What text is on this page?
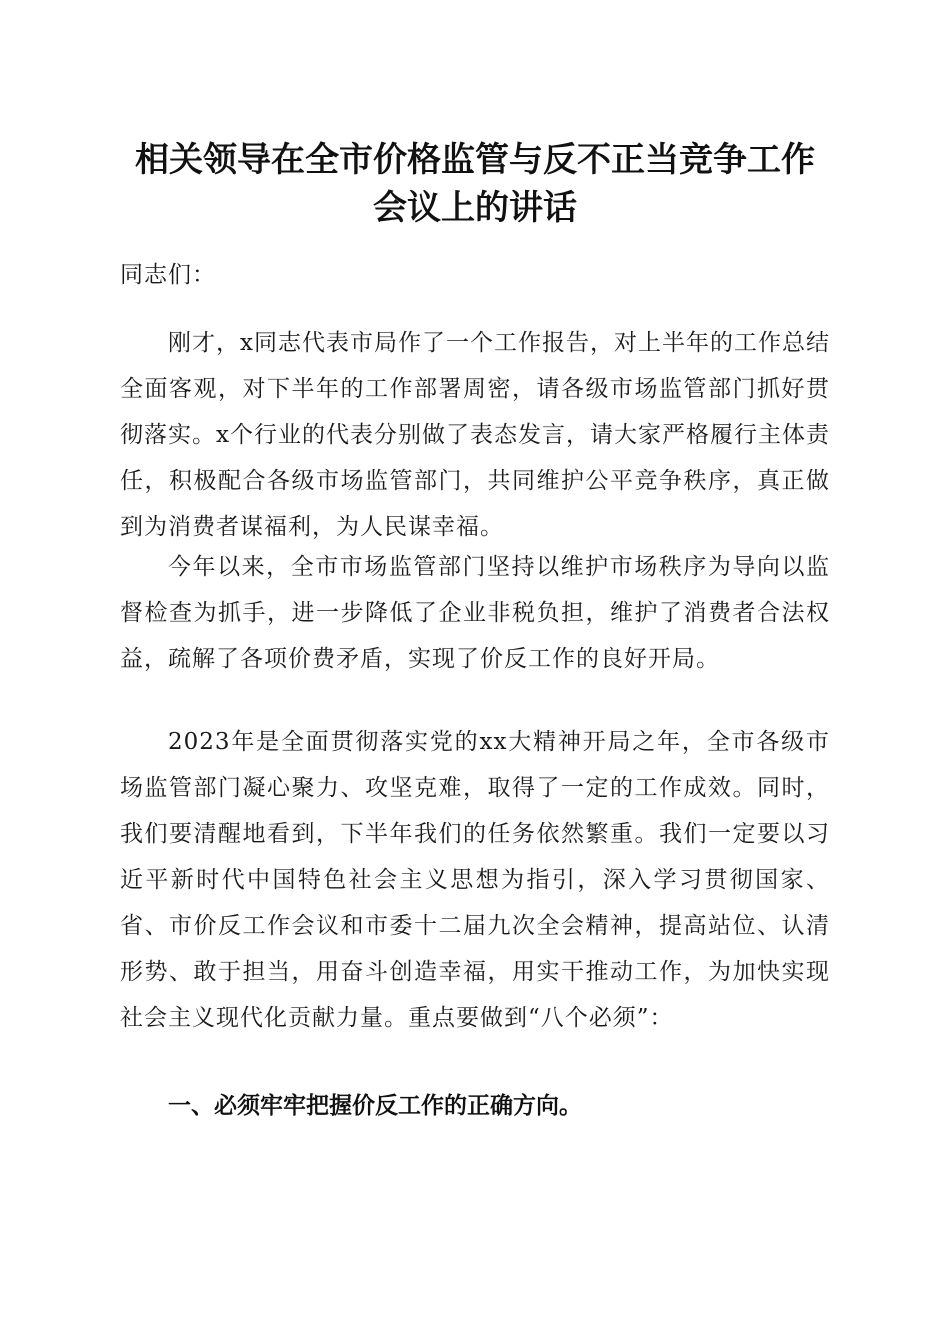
相关领导在全市价格监管与反不正当竞争工作
会议上的讲话

同志们：

刚才，x同志代表市局作了一个工作报告，对上半年的工作总结全面客观，对下半年的工作部署周密，请各级市场监管部门抓好贯彻落实。x个行业的代表分别做了表态发言，请大家严格履行主体责任，积极配合各级市场监管部门，共同维护公平竞争秩序，真正做到为消费者谋福利，为人民谋幸福。

今年以来，全市市场监管部门坚持以维护市场秩序为导向以监督检查为抓手，进一步降低了企业非税负担，维护了消费者合法权益，疏解了各项价费矛盾，实现了价反工作的良好开局。

2023年是全面贯彻落实党的xx大精神开局之年，全市各级市场监管部门凝心聚力、攻坚克难，取得了一定的工作成效。同时，我们要清醒地看到，下半年我们的任务依然繁重。我们一定要以习近平新时代中国特色社会主义思想为指引，深入学习贯彻国家、省、市价反工作会议和市委十二届九次全会精神，提高站位、认清形势、敢于担当，用奋斗创造幸福，用实干推动工作，为加快实现社会主义现代化贡献力量。重点要做到“八个必须”：

一、必须牢牢把握价反工作的正确方向。
